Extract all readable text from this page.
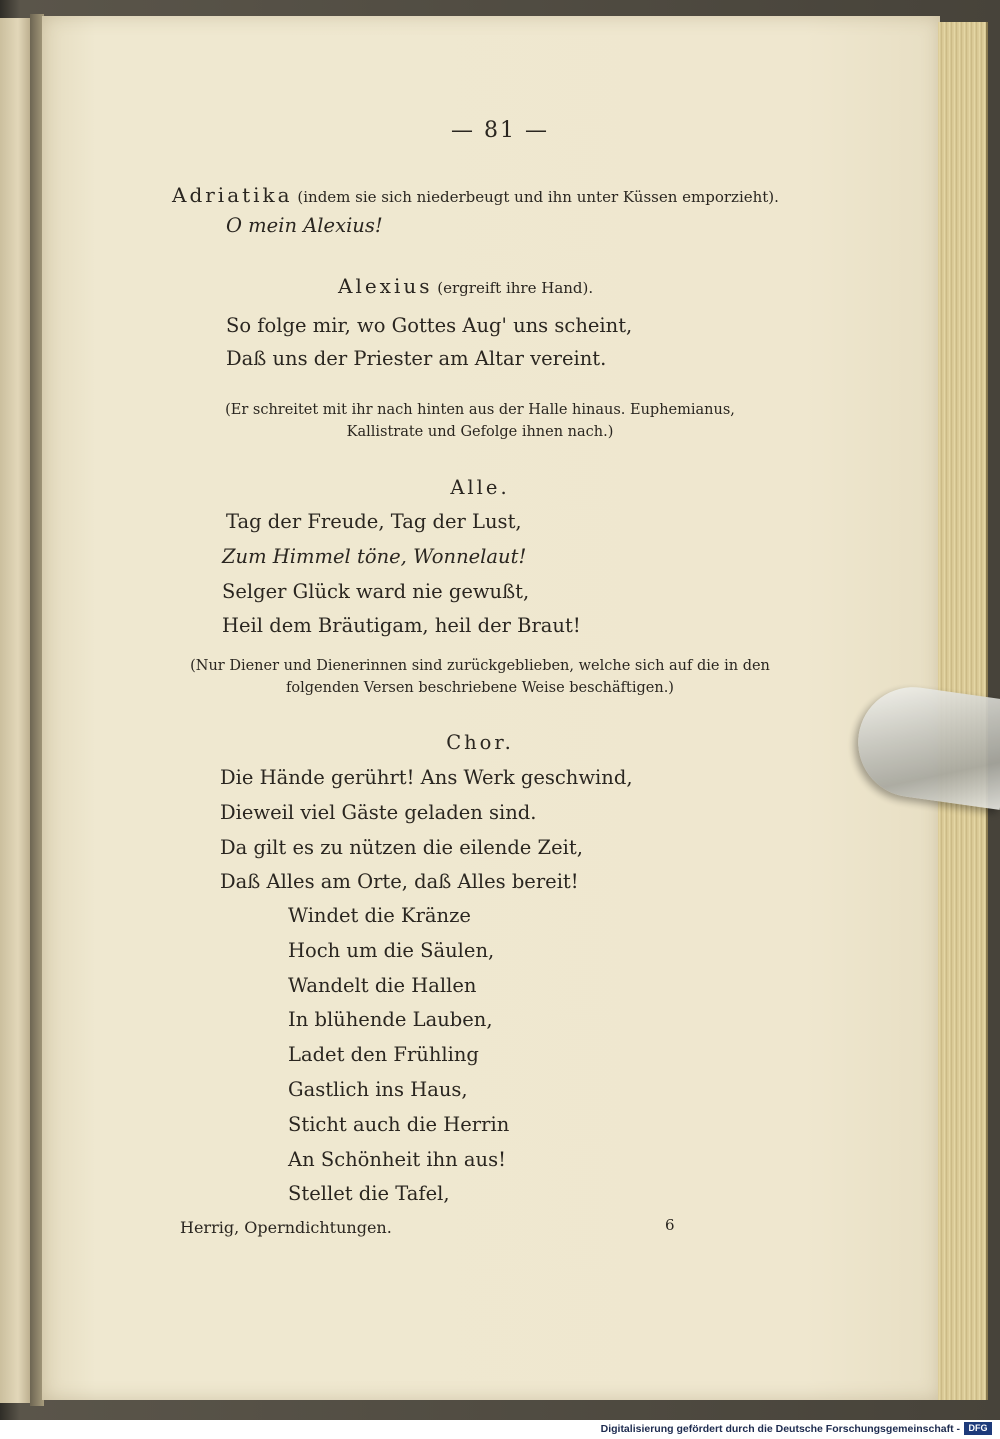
— 81 —
Adriatika (indem sie sich niederbeugt und ihn unter Küssen emporzieht).
O mein Alexius!
Alexius (ergreift ihre Hand).
So folge mir, wo Gottes Aug' uns scheint,
Daß uns der Priester am Altar vereint.
(Er schreitet mit ihr nach hinten aus der Halle hinaus. Euphemianus,
Kallistrate und Gefolge ihnen nach.)
Alle.
Tag der Freude, Tag der Lust,
Zum Himmel töne, Wonnelaut!
Selger Glück ward nie gewußt,
Heil dem Bräutigam, heil der Braut!
(Nur Diener und Dienerinnen sind zurückgeblieben, welche sich auf die in den
folgenden Versen beschriebene Weise beschäftigen.)
Chor.
Die Hände gerührt! Ans Werk geschwind,
Dieweil viel Gäste geladen sind.
Da gilt es zu nützen die eilende Zeit,
Daß Alles am Orte, daß Alles bereit!
Windet die Kränze
Hoch um die Säulen,
Wandelt die Hallen
In blühende Lauben,
Ladet den Frühling
Gastlich ins Haus,
Sticht auch die Herrin
An Schönheit ihn aus!
Stellet die Tafel,
Herrig, Operndichtungen.	6
Digitalisierung gefördert durch die Deutsche Forschungsgemeinschaft - DFG
